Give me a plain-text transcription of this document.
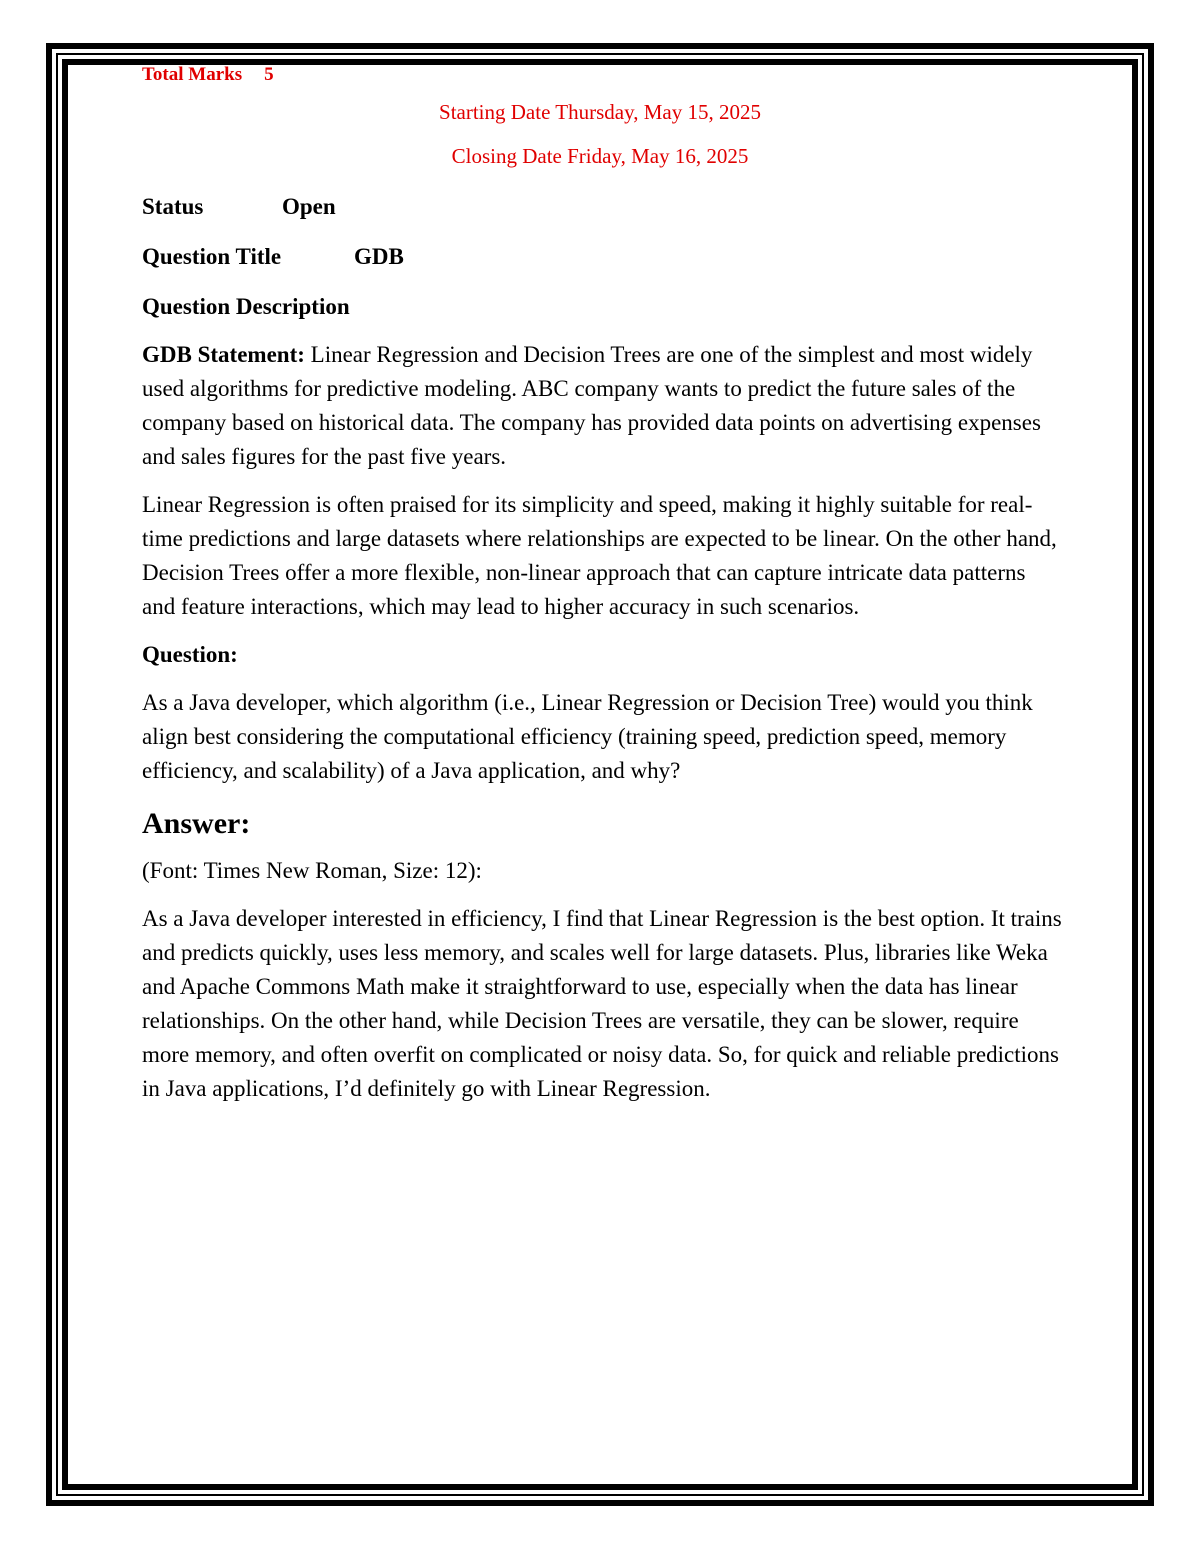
Total Marks 5

Starting Date Thursday, May 15, 2025

Closing Date Friday, May 16, 2025

Status	Open

Question Title	GDB

Question Description

GDB Statement: Linear Regression and Decision Trees are one of the simplest and most widely used algorithms for predictive modeling. ABC company wants to predict the future sales of the company based on historical data. The company has provided data points on advertising expenses and sales figures for the past five years.

Linear Regression is often praised for its simplicity and speed, making it highly suitable for real-time predictions and large datasets where relationships are expected to be linear. On the other hand, Decision Trees offer a more flexible, non-linear approach that can capture intricate data patterns and feature interactions, which may lead to higher accuracy in such scenarios.

Question:

As a Java developer, which algorithm (i.e., Linear Regression or Decision Tree) would you think align best considering the computational efficiency (training speed, prediction speed, memory efficiency, and scalability) of a Java application, and why?

Answer:

(Font: Times New Roman, Size: 12):

As a Java developer interested in efficiency, I find that Linear Regression is the best option. It trains and predicts quickly, uses less memory, and scales well for large datasets. Plus, libraries like Weka and Apache Commons Math make it straightforward to use, especially when the data has linear relationships. On the other hand, while Decision Trees are versatile, they can be slower, require more memory, and often overfit on complicated or noisy data. So, for quick and reliable predictions in Java applications, I’d definitely go with Linear Regression.
